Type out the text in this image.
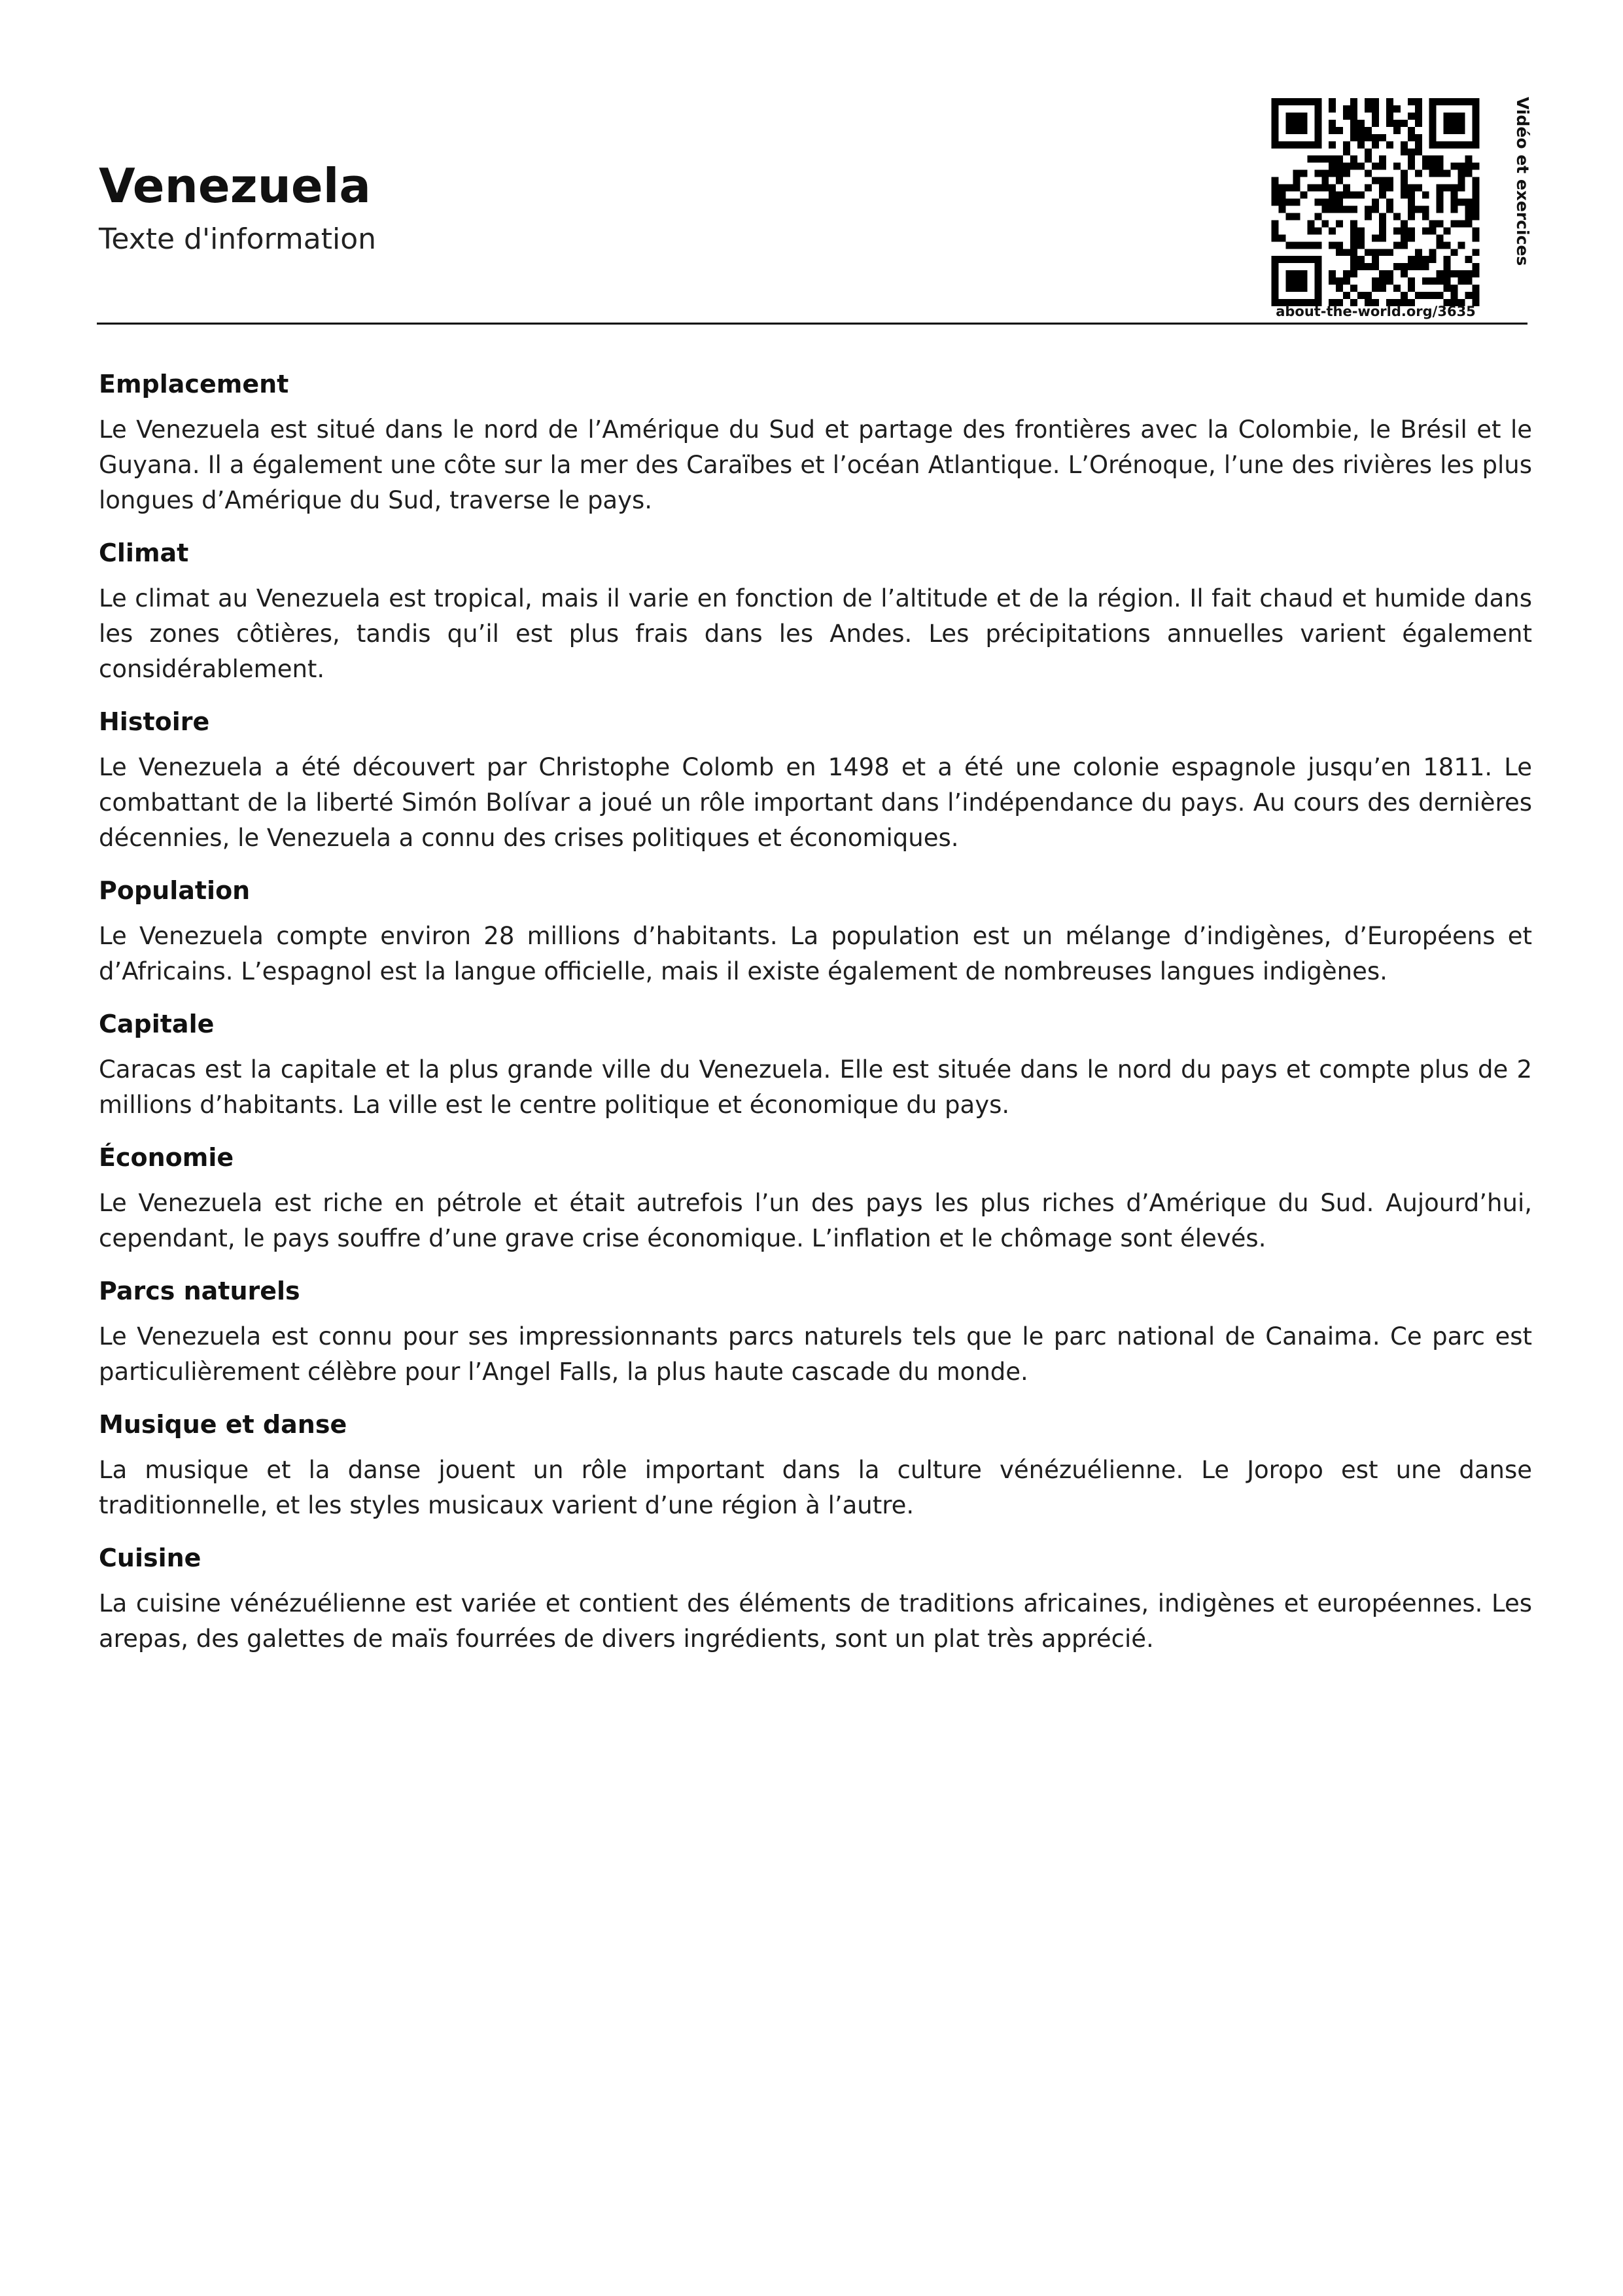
Venezuela
Texte d'information
about-the-world.org/3635
Vidéo et exercices
Emplacement

Le Venezuela est situé dans le nord de l’Amérique du Sud et partage des frontières avec la Colombie, le Brésil et le Guyana. Il a également une côte sur la mer des Caraïbes et l’océan Atlantique. L’Orénoque, l’une des rivières les plus longues d’Amérique du Sud, traverse le pays.

Climat

Le climat au Venezuela est tropical, mais il varie en fonction de l’altitude et de la région. Il fait chaud et humide dans les zones côtières, tandis qu’il est plus frais dans les Andes. Les précipitations annuelles varient également considérablement.

Histoire

Le Venezuela a été découvert par Christophe Colomb en 1498 et a été une colonie espagnole jusqu’en 1811. Le combattant de la liberté Simón Bolívar a joué un rôle important dans l’indépendance du pays. Au cours des dernières décennies, le Venezuela a connu des crises politiques et économiques.

Population

Le Venezuela compte environ 28 millions d’habitants. La population est un mélange d’indigènes, d’Européens et d’Africains. L’espagnol est la langue officielle, mais il existe également de nombreuses langues indigènes.

Capitale

Caracas est la capitale et la plus grande ville du Venezuela. Elle est située dans le nord du pays et compte plus de 2 millions d’habitants. La ville est le centre politique et économique du pays.

Économie

Le Venezuela est riche en pétrole et était autrefois l’un des pays les plus riches d’Amérique du Sud. Aujourd’hui, cependant, le pays souffre d’une grave crise économique. L’inflation et le chômage sont élevés.

Parcs naturels

Le Venezuela est connu pour ses impressionnants parcs naturels tels que le parc national de Canaima. Ce parc est particulièrement célèbre pour l’Angel Falls, la plus haute cascade du monde.

Musique et danse

La musique et la danse jouent un rôle important dans la culture vénézuélienne. Le Joropo est une danse traditionnelle, et les styles musicaux varient d’une région à l’autre.

Cuisine

La cuisine vénézuélienne est variée et contient des éléments de traditions africaines, indigènes et européennes. Les arepas, des galettes de maïs fourrées de divers ingrédients, sont un plat très apprécié.
